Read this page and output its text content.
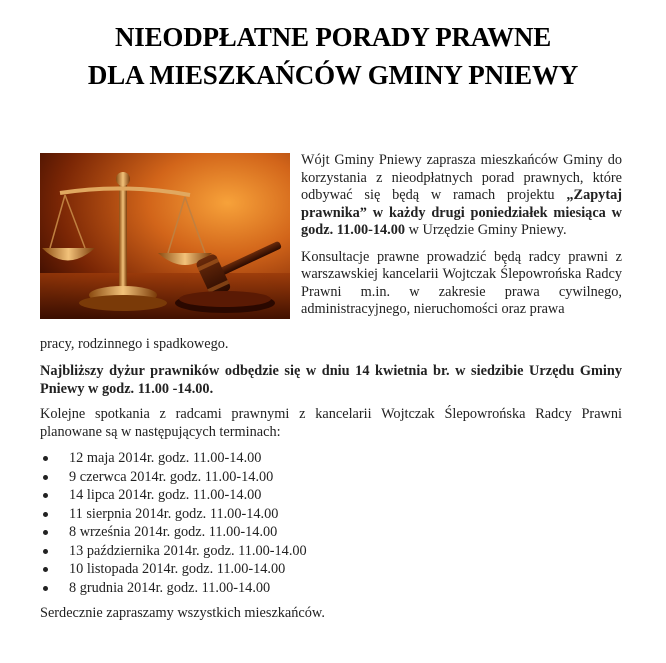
NIEODPŁATNE PORADY PRAWNE
DLA MIESZKAŃCÓW GMINY PNIEWY

Wójt Gminy Pniewy zaprasza mieszkańców Gminy do korzystania z nieodpłatnych porad prawnych, które odbywać się będą w ramach projektu „Zapytaj prawnika” w każdy drugi poniedziałek miesiąca w godz. 11.00-14.00 w Urzędzie Gminy Pniewy.

Konsultacje prawne prowadzić będą radcy prawni z warszawskiej kancelarii Wojtczak Ślepowrońska Radcy Prawni m.in. w zakresie prawa cywilnego, administracyjnego, nieruchomości oraz prawa

pracy, rodzinnego i spadkowego.
Najbliższy dyżur prawników odbędzie się w dniu 14 kwietnia br. w siedzibie Urzędu Gminy Pniewy w godz. 11.00 -14.00.
Kolejne spotkania z radcami prawnymi z kancelarii Wojtczak Ślepowrońska Radcy Prawni planowane są w następujących terminach:
12 maja 2014r. godz. 11.00-14.00
9 czerwca 2014r. godz. 11.00-14.00
14 lipca 2014r. godz. 11.00-14.00
11 sierpnia 2014r. godz. 11.00-14.00
8 września 2014r. godz. 11.00-14.00
13 października 2014r. godz. 11.00-14.00
10 listopada 2014r. godz. 11.00-14.00
8 grudnia 2014r. godz. 11.00-14.00
Serdecznie zapraszamy wszystkich mieszkańców.
